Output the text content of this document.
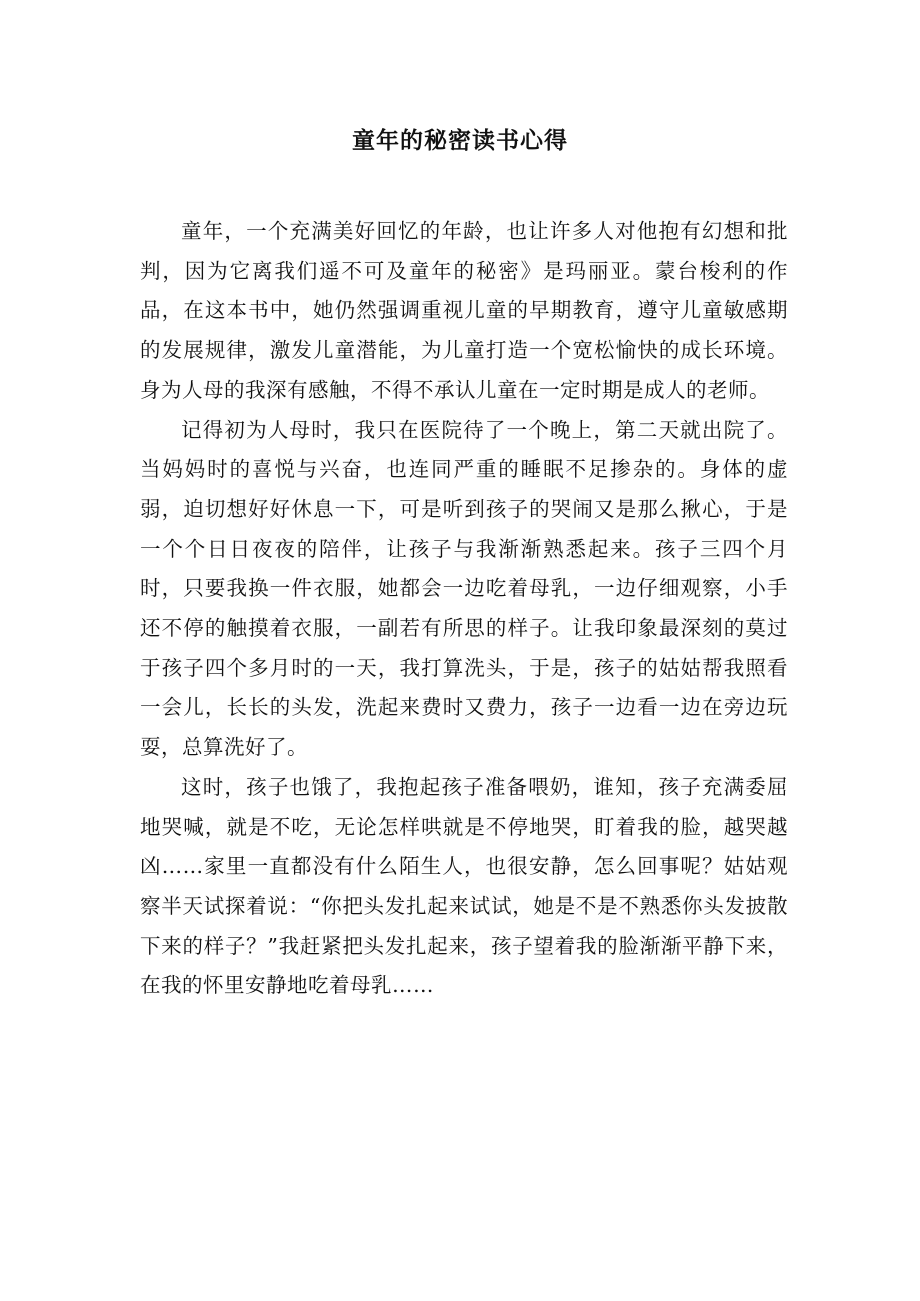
童年的秘密读书心得

童年，一个充满美好回忆的年龄，也让许多人对他抱有幻想和批判，因为它离我们遥不可及童年的秘密》是玛丽亚。蒙台梭利的作品，在这本书中，她仍然强调重视儿童的早期教育，遵守儿童敏感期的发展规律，激发儿童潜能，为儿童打造一个宽松愉快的成长环境。身为人母的我深有感触，不得不承认儿童在一定时期是成人的老师。

记得初为人母时，我只在医院待了一个晚上，第二天就出院了。当妈妈时的喜悦与兴奋，也连同严重的睡眠不足掺杂的。身体的虚弱，迫切想好好休息一下，可是听到孩子的哭闹又是那么揪心，于是一个个日日夜夜的陪伴，让孩子与我渐渐熟悉起来。孩子三四个月时，只要我换一件衣服，她都会一边吃着母乳，一边仔细观察，小手还不停的触摸着衣服，一副若有所思的样子。让我印象最深刻的莫过于孩子四个多月时的一天，我打算洗头，于是，孩子的姑姑帮我照看一会儿，长长的头发，洗起来费时又费力，孩子一边看一边在旁边玩耍，总算洗好了。

这时，孩子也饿了，我抱起孩子准备喂奶，谁知，孩子充满委屈地哭喊，就是不吃，无论怎样哄就是不停地哭，盯着我的脸，越哭越凶……家里一直都没有什么陌生人，也很安静，怎么回事呢？姑姑观察半天试探着说：“你把头发扎起来试试，她是不是不熟悉你头发披散下来的样子？”我赶紧把头发扎起来，孩子望着我的脸渐渐平静下来，在我的怀里安静地吃着母乳……
